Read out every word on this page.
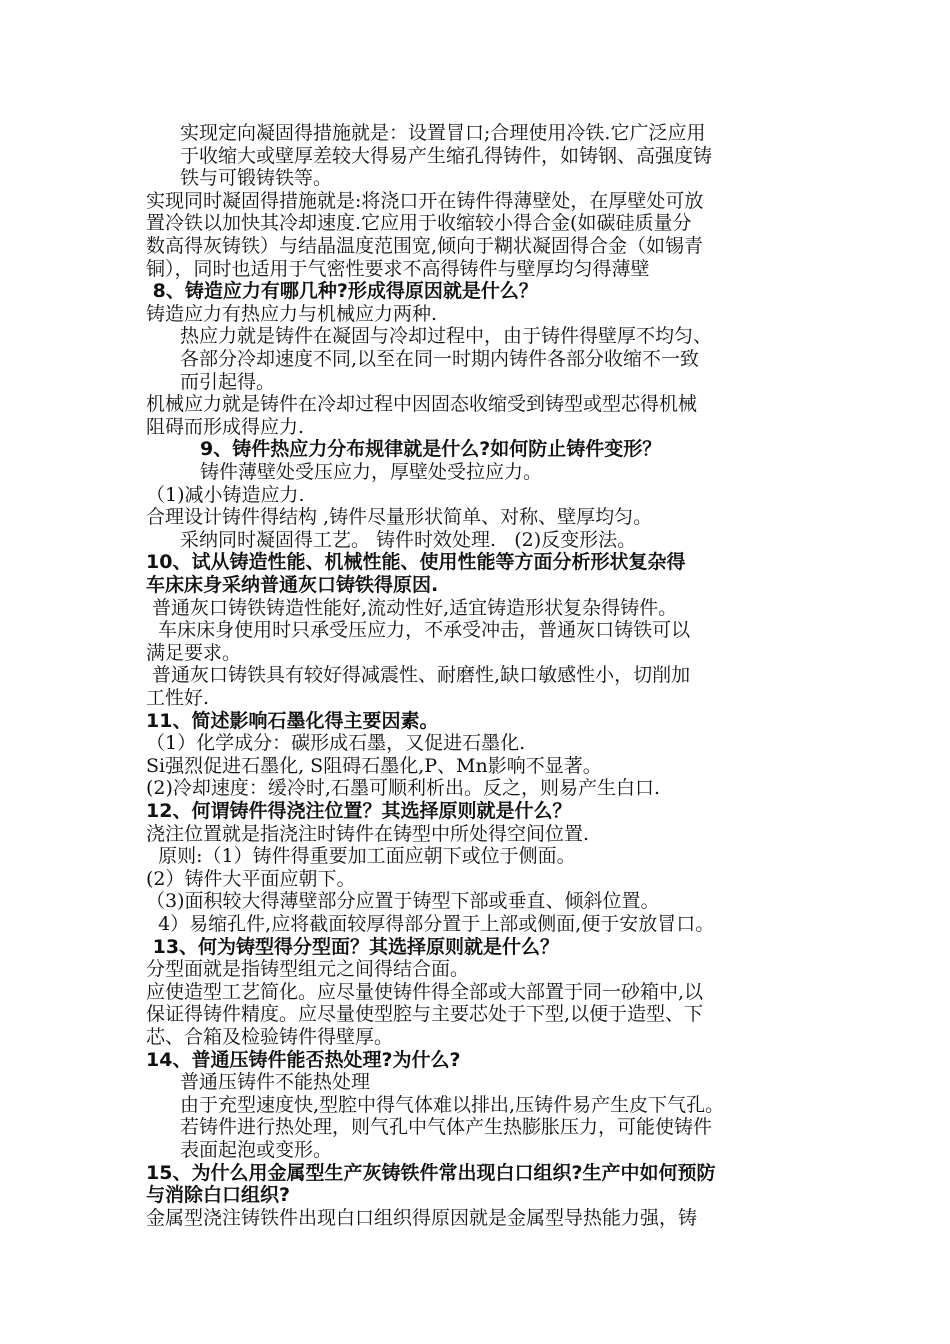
实现定向凝固得措施就是：设置冒口;合理使用冷铁.它广泛应用
于收缩大或壁厚差较大得易产生缩孔得铸件，如铸钢、高强度铸
铁与可锻铸铁等。
实现同时凝固得措施就是:将浇口开在铸件得薄壁处，在厚壁处可放
置冷铁以加快其冷却速度.它应用于收缩较小得合金(如碳硅质量分
数高得灰铸铁）与结晶温度范围宽,倾向于糊状凝固得合金（如锡青
铜），同时也适用于气密性要求不高得铸件与壁厚均匀得薄壁
8、铸造应力有哪几种?形成得原因就是什么？
铸造应力有热应力与机械应力两种.
热应力就是铸件在凝固与冷却过程中，由于铸件得壁厚不均匀、
各部分冷却速度不同,以至在同一时期内铸件各部分收缩不一致
而引起得。
机械应力就是铸件在冷却过程中因固态收缩受到铸型或型芯得机械
阻碍而形成得应力.
9、铸件热应力分布规律就是什么?如何防止铸件变形？
铸件薄壁处受压应力，厚壁处受拉应力。
（1)减小铸造应力.
合理设计铸件得结构 ,铸件尽量形状简单、对称、壁厚均匀。
采纳同时凝固得工艺。 铸件时效处理.   (2)反变形法。
10、试从铸造性能、机械性能、使用性能等方面分析形状复杂得
车床床身采纳普通灰口铸铁得原因.
普通灰口铸铁铸造性能好,流动性好,适宜铸造形状复杂得铸件。
车床床身使用时只承受压应力，不承受冲击，普通灰口铸铁可以
满足要求。
普通灰口铸铁具有较好得减震性、耐磨性,缺口敏感性小，切削加
工性好.
11、简述影响石墨化得主要因素。
（1）化学成分：碳形成石墨，又促进石墨化.
Si强烈促进石墨化, S阻碍石墨化,P、Mn影响不显著。
(2)冷却速度：缓冷时,石墨可顺利析出。反之，则易产生白口.
12、何谓铸件得浇注位置？其选择原则就是什么？
浇注位置就是指浇注时铸件在铸型中所处得空间位置.
原则:（1）铸件得重要加工面应朝下或位于侧面。
(2）铸件大平面应朝下。
（3)面积较大得薄壁部分应置于铸型下部或垂直、倾斜位置。
4）易缩孔件,应将截面较厚得部分置于上部或侧面,便于安放冒口。
13、何为铸型得分型面？其选择原则就是什么？
分型面就是指铸型组元之间得结合面。
应使造型工艺简化。应尽量使铸件得全部或大部置于同一砂箱中,以
保证得铸件精度。应尽量使型腔与主要芯处于下型,以便于造型、下
芯、合箱及检验铸件得壁厚。
14、普通压铸件能否热处理?为什么?
普通压铸件不能热处理
由于充型速度快,型腔中得气体难以排出,压铸件易产生皮下气孔。
若铸件进行热处理，则气孔中气体产生热膨胀压力，可能使铸件
表面起泡或变形。
15、为什么用金属型生产灰铸铁件常出现白口组织?生产中如何预防
与消除白口组织?
金属型浇注铸铁件出现白口组织得原因就是金属型导热能力强，铸
